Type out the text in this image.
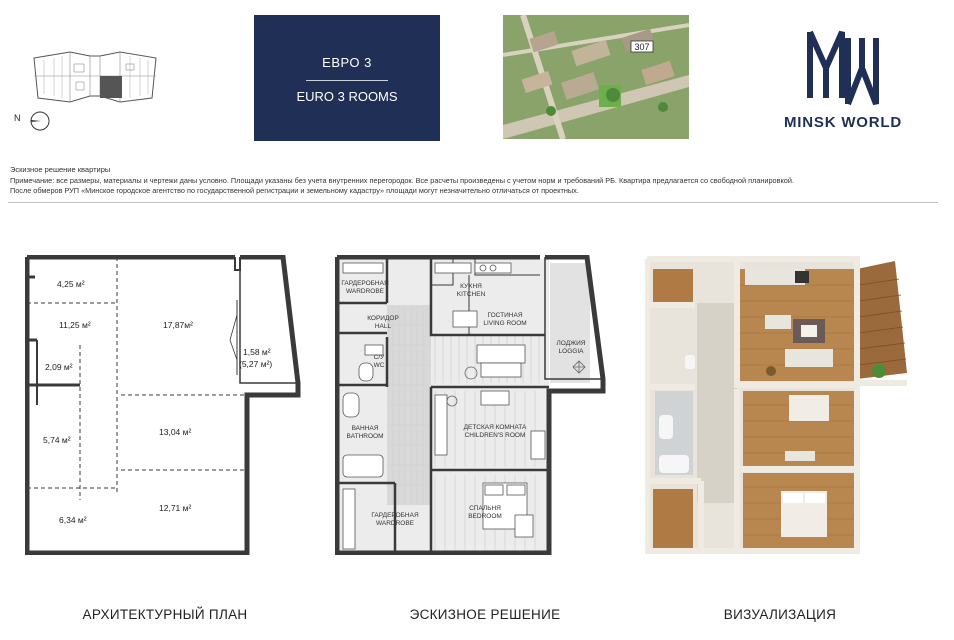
N
ЕВРО 3
EURO 3 ROOMS
307
MINSK WORLD
Эскизное решение квартиры
Примечание: все размеры, материалы и чертежи даны условно. Площади указаны без учета внутренних перегородок. Все расчеты произведены с учетом норм и требований РБ. Квартира предлагается со свободной планировкой.
После обмеров РУП «Минское городское агентство по государственной регистрации и земельному кадастру» площади могут незначительно отличаться от проектных.
4,25 м²
11,25 м²	17,87м²
1,58 м²
(5,27 м²)
2,09 м²
5,74 м²
13,04 м²
6,34 м²
12,71 м²
ГАРДЕРОБНАЯ
WARDROBE
КУХНЯ
KITCHEN
КОРИДОР
HALL
ГОСТИНАЯ
LIVING ROOM
С/У
WC
ЛОДЖИЯ
LOGGIA
ВАННАЯ
BATHROOM
ДЕТСКАЯ КОМНАТА
CHILDREN'S ROOM
ГАРДЕРОБНАЯ
WARDROBE
СПАЛЬНЯ
BEDROOM
АРХИТЕКТУРНЫЙ ПЛАН	ЭСКИЗНОЕ РЕШЕНИЕ	ВИЗУАЛИЗАЦИЯ
